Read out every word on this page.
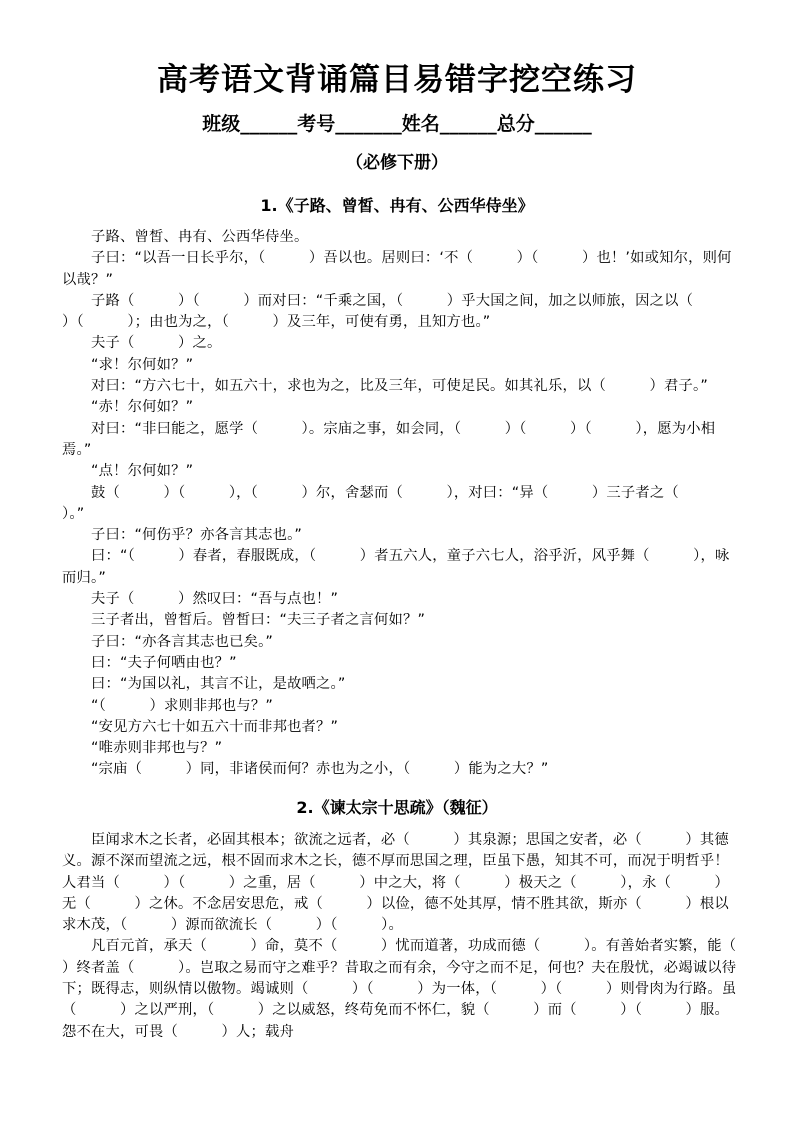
高考语文背诵篇目易错字挖空练习
班级______考号_______姓名______总分______
（必修下册）
1.《子路、曾皙、冉有、公西华侍坐》

子路、曾皙、冉有、公西华侍坐。

子曰：“以吾一日长乎尔，（　　　）吾以也。居则曰：‘不（　　　）（　　　）也！’如或知尔，则何以哉？”

子路（　　　）（　　　）而对曰：“千乘之国，（　　　）乎大国之间，加之以师旅，因之以（　　　）（　　　）；由也为之，（　　　）及三年，可使有勇，且知方也。”

夫子（　　　）之。

“求！尔何如？”

对曰：“方六七十，如五六十，求也为之，比及三年，可使足民。如其礼乐，以（　　　）君子。”

“赤！尔何如？”

对曰：“非曰能之，愿学（　　　）。宗庙之事，如会同，（　　　）（　　　）（　　　），愿为小相焉。”

“点！尔何如？”

鼓（　　　）（　　　），（　　　）尔，舍瑟而（　　　），对曰：“异（　　　）三子者之（　　　）。”

子曰：“何伤乎？亦各言其志也。”

曰：“（　　　）春者，春服既成，（　　　）者五六人，童子六七人，浴乎沂，风乎舞（　　　），咏而归。”

夫子（　　　）然叹曰：“吾与点也！”

三子者出，曾皙后。曾皙曰：“夫三子者之言何如？”

子曰：“亦各言其志也已矣。”

曰：“夫子何哂由也？”

曰：“为国以礼，其言不让，是故哂之。”

“（　　　）求则非邦也与？”

“安见方六七十如五六十而非邦也者？”

“唯赤则非邦也与？”

“宗庙（　　　）同，非诸侯而何？赤也为之小，（　　　）能为之大？”

2.《谏太宗十思疏》（魏征）

臣闻求木之长者，必固其根本；欲流之远者，必（　　　）其泉源；思国之安者，必（　　　）其德义。源不深而望流之远，根不固而求木之长，德不厚而思国之理，臣虽下愚，知其不可，而况于明哲乎！人君当（　　　）（　　　）之重，居（　　　）中之大，将（　　　）极天之（　　　），永（　　　）无（　　　）之休。不念居安思危，戒（　　　）以俭，德不处其厚，情不胜其欲，斯亦（　　　）根以求木茂，（　　　）源而欲流长（　　　）（　　　）。

凡百元首，承天（　　　）命，莫不（　　　）忧而道著，功成而德（　　　）。有善始者实繁，能（　　　）终者盖（　　　）。岂取之易而守之难乎？昔取之而有余，今守之而不足，何也？夫在殷忧，必竭诚以待下；既得志，则纵情以傲物。竭诚则（　　　）（　　　）为一体，（　　　）（　　　）则骨肉为行路。虽（　　　）之以严刑，（　　　）之以威怒，终苟免而不怀仁，貌（　　　）而（　　　）（　　　）服。怨不在大，可畏（　　　）人；载舟
